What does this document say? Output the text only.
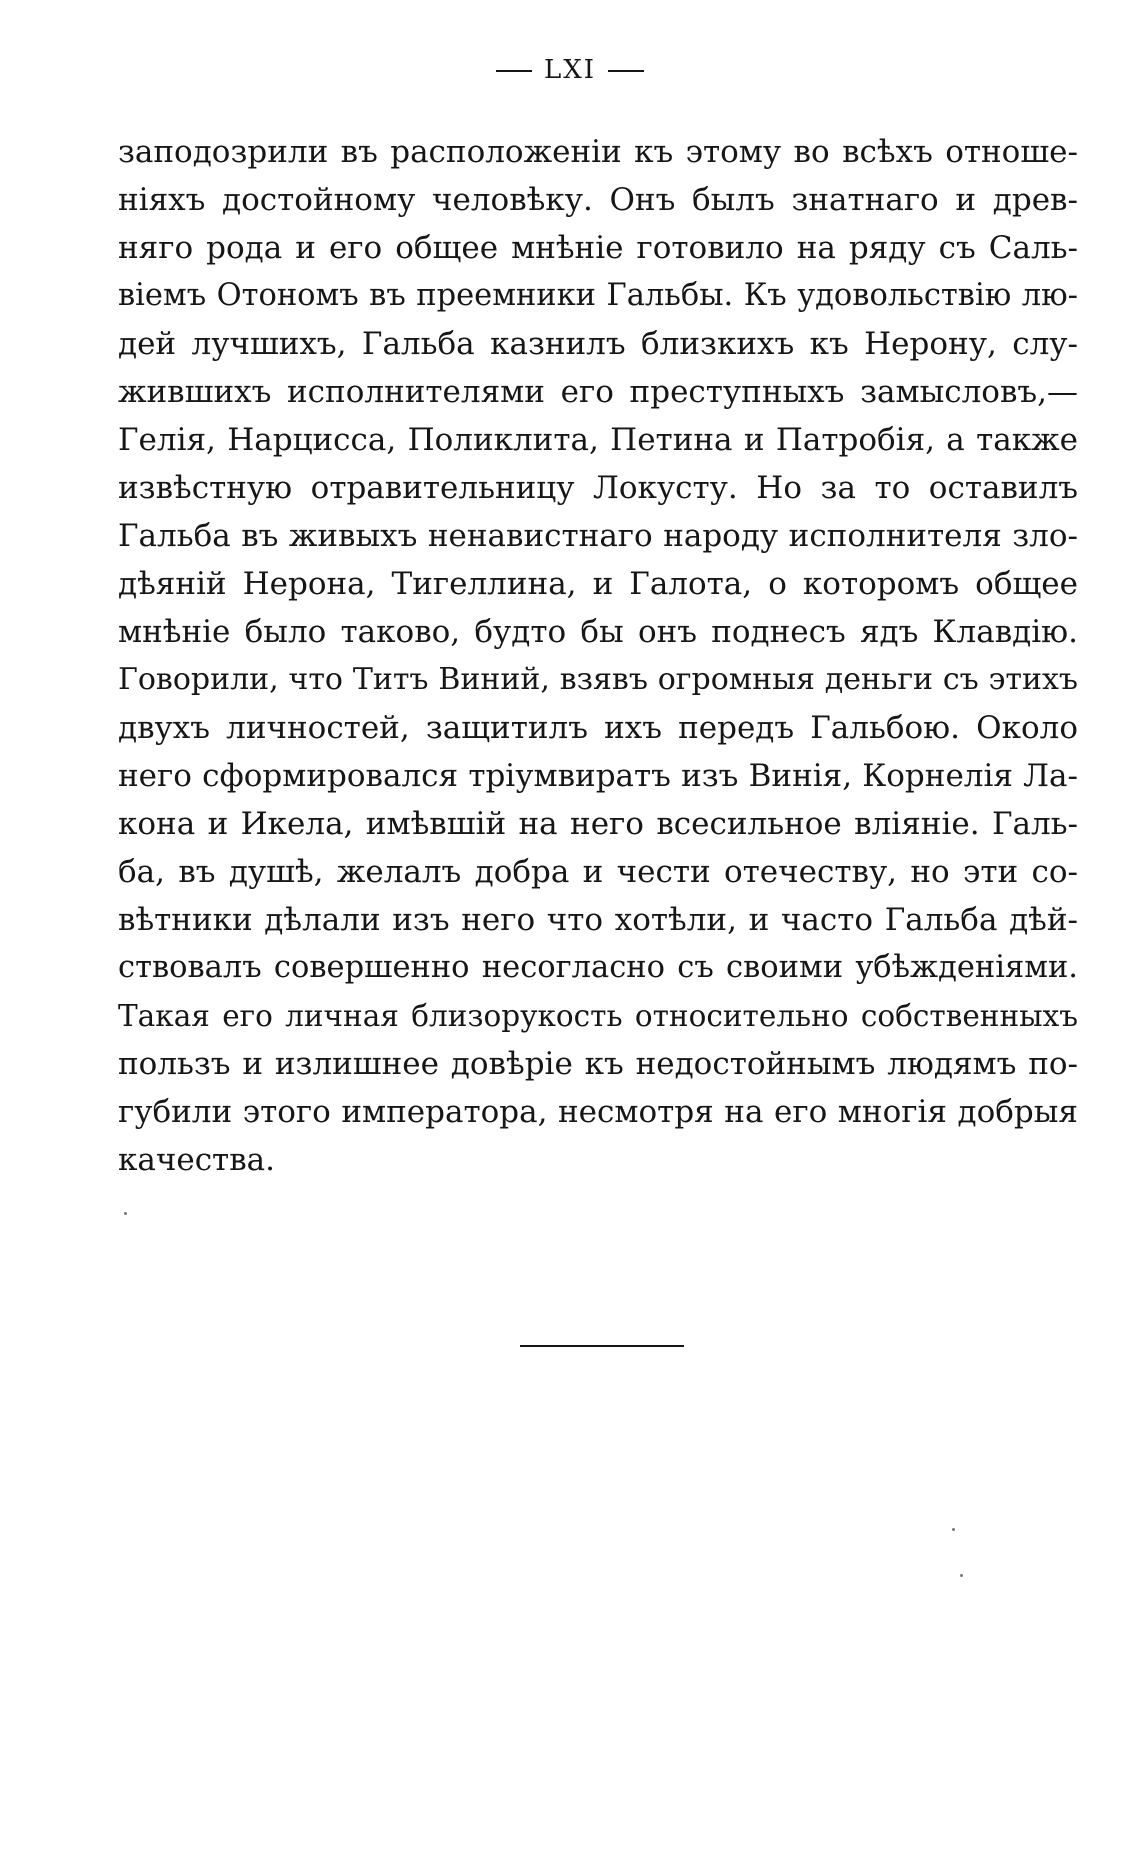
LXI
заподозрили въ расположенiи къ этому во всѣхъ отноше-
нiяхъ достойному человѣку. Онъ былъ знатнаго и древ-
няго рода и его общее мнѣнiе готовило на ряду съ Саль-
вiемъ Отономъ въ преемники Гальбы. Къ удовольствiю лю-
дей лучшихъ, Гальба казнилъ близкихъ къ Нерону, слу-
жившихъ исполнителями его преступныхъ замысловъ,—
Гелiя, Нарцисса, Поликлита, Петина и Патробiя, а также
извѣстную отравительницу Локусту. Но за то оставилъ
Гальба въ живыхъ ненавистнаго народу исполнителя зло-
дѣянiй Нерона, Тигеллина, и Галота, о которомъ общее
мнѣнiе было таково, будто бы онъ поднесъ ядъ Клавдiю.
Говорили, что Титъ Виний, взявъ огромныя деньги съ этихъ
двухъ личностей, защитилъ ихъ передъ Гальбою. Около
него сформировался трiумвиратъ изъ Винiя, Корнелiя Ла-
кона и Икела, имѣвшiй на него всесильное влiянiе. Галь-
ба, въ душѣ, желалъ добра и чести отечеству, но эти со-
вѣтники дѣлали изъ него что хотѣли, и часто Гальба дѣй-
ствовалъ совершенно несогласно съ своими убѣжденiями.
Такая его личная близорукость относительно собственныхъ
пользъ и излишнее довѣрiе къ недостойнымъ людямъ по-
губили этого императора, несмотря на его многiя добрыя
качества.
